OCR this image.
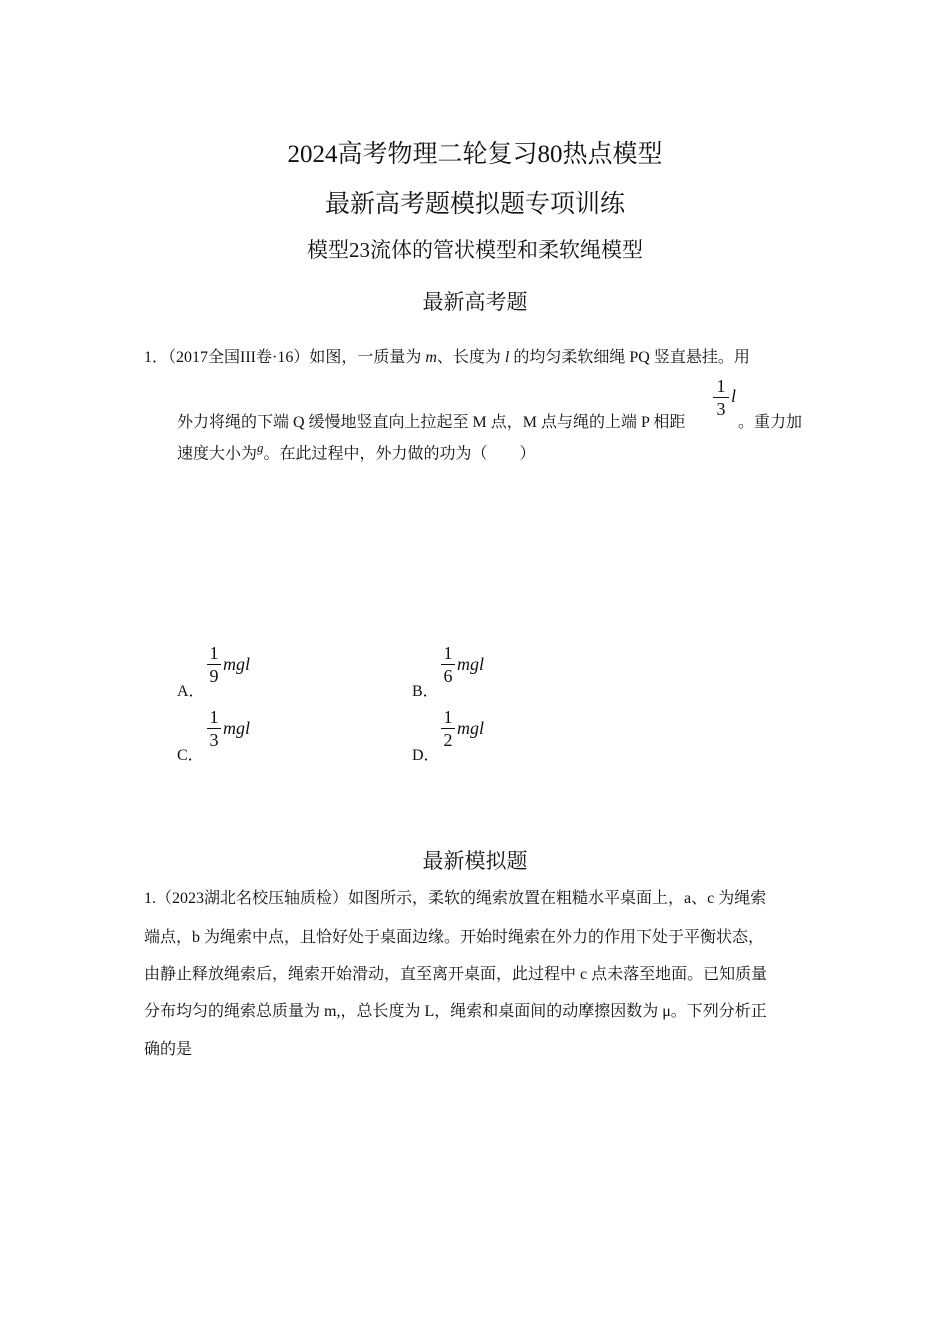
2024高考物理二轮复习80热点模型
最新高考题模拟题专项训练
模型23流体的管状模型和柔软绳模型
最新高考题
1．（2017全国III卷·16）如图，一质量为 m、长度为 l 的均匀柔软细绳 PQ 竖直悬挂。用
外力将绳的下端 Q 缓慢地竖直向上拉起至 M 点，M 点与绳的上端 P 相距
1
3
l
。重力加
速度大小为$^g$。在此过程中，外力做的功为（　　）
A．
1
9
mgl
B．
1
6
mgl
C．
1
3
mgl
D．
1
2
mgl
最新模拟题
1.（2023湖北名校压轴质检）如图所示，柔软的绳索放置在粗糙水平桌面上，a、c 为绳索
端点，b 为绳索中点，且恰好处于桌面边缘。开始时绳索在外力的作用下处于平衡状态，
由静止释放绳索后，绳索开始滑动，直至离开桌面，此过程中 c 点未落至地面。已知质量
分布均匀的绳索总质量为 m,，总长度为 L，绳索和桌面间的动摩擦因数为 μ。下列分析正
确的是
